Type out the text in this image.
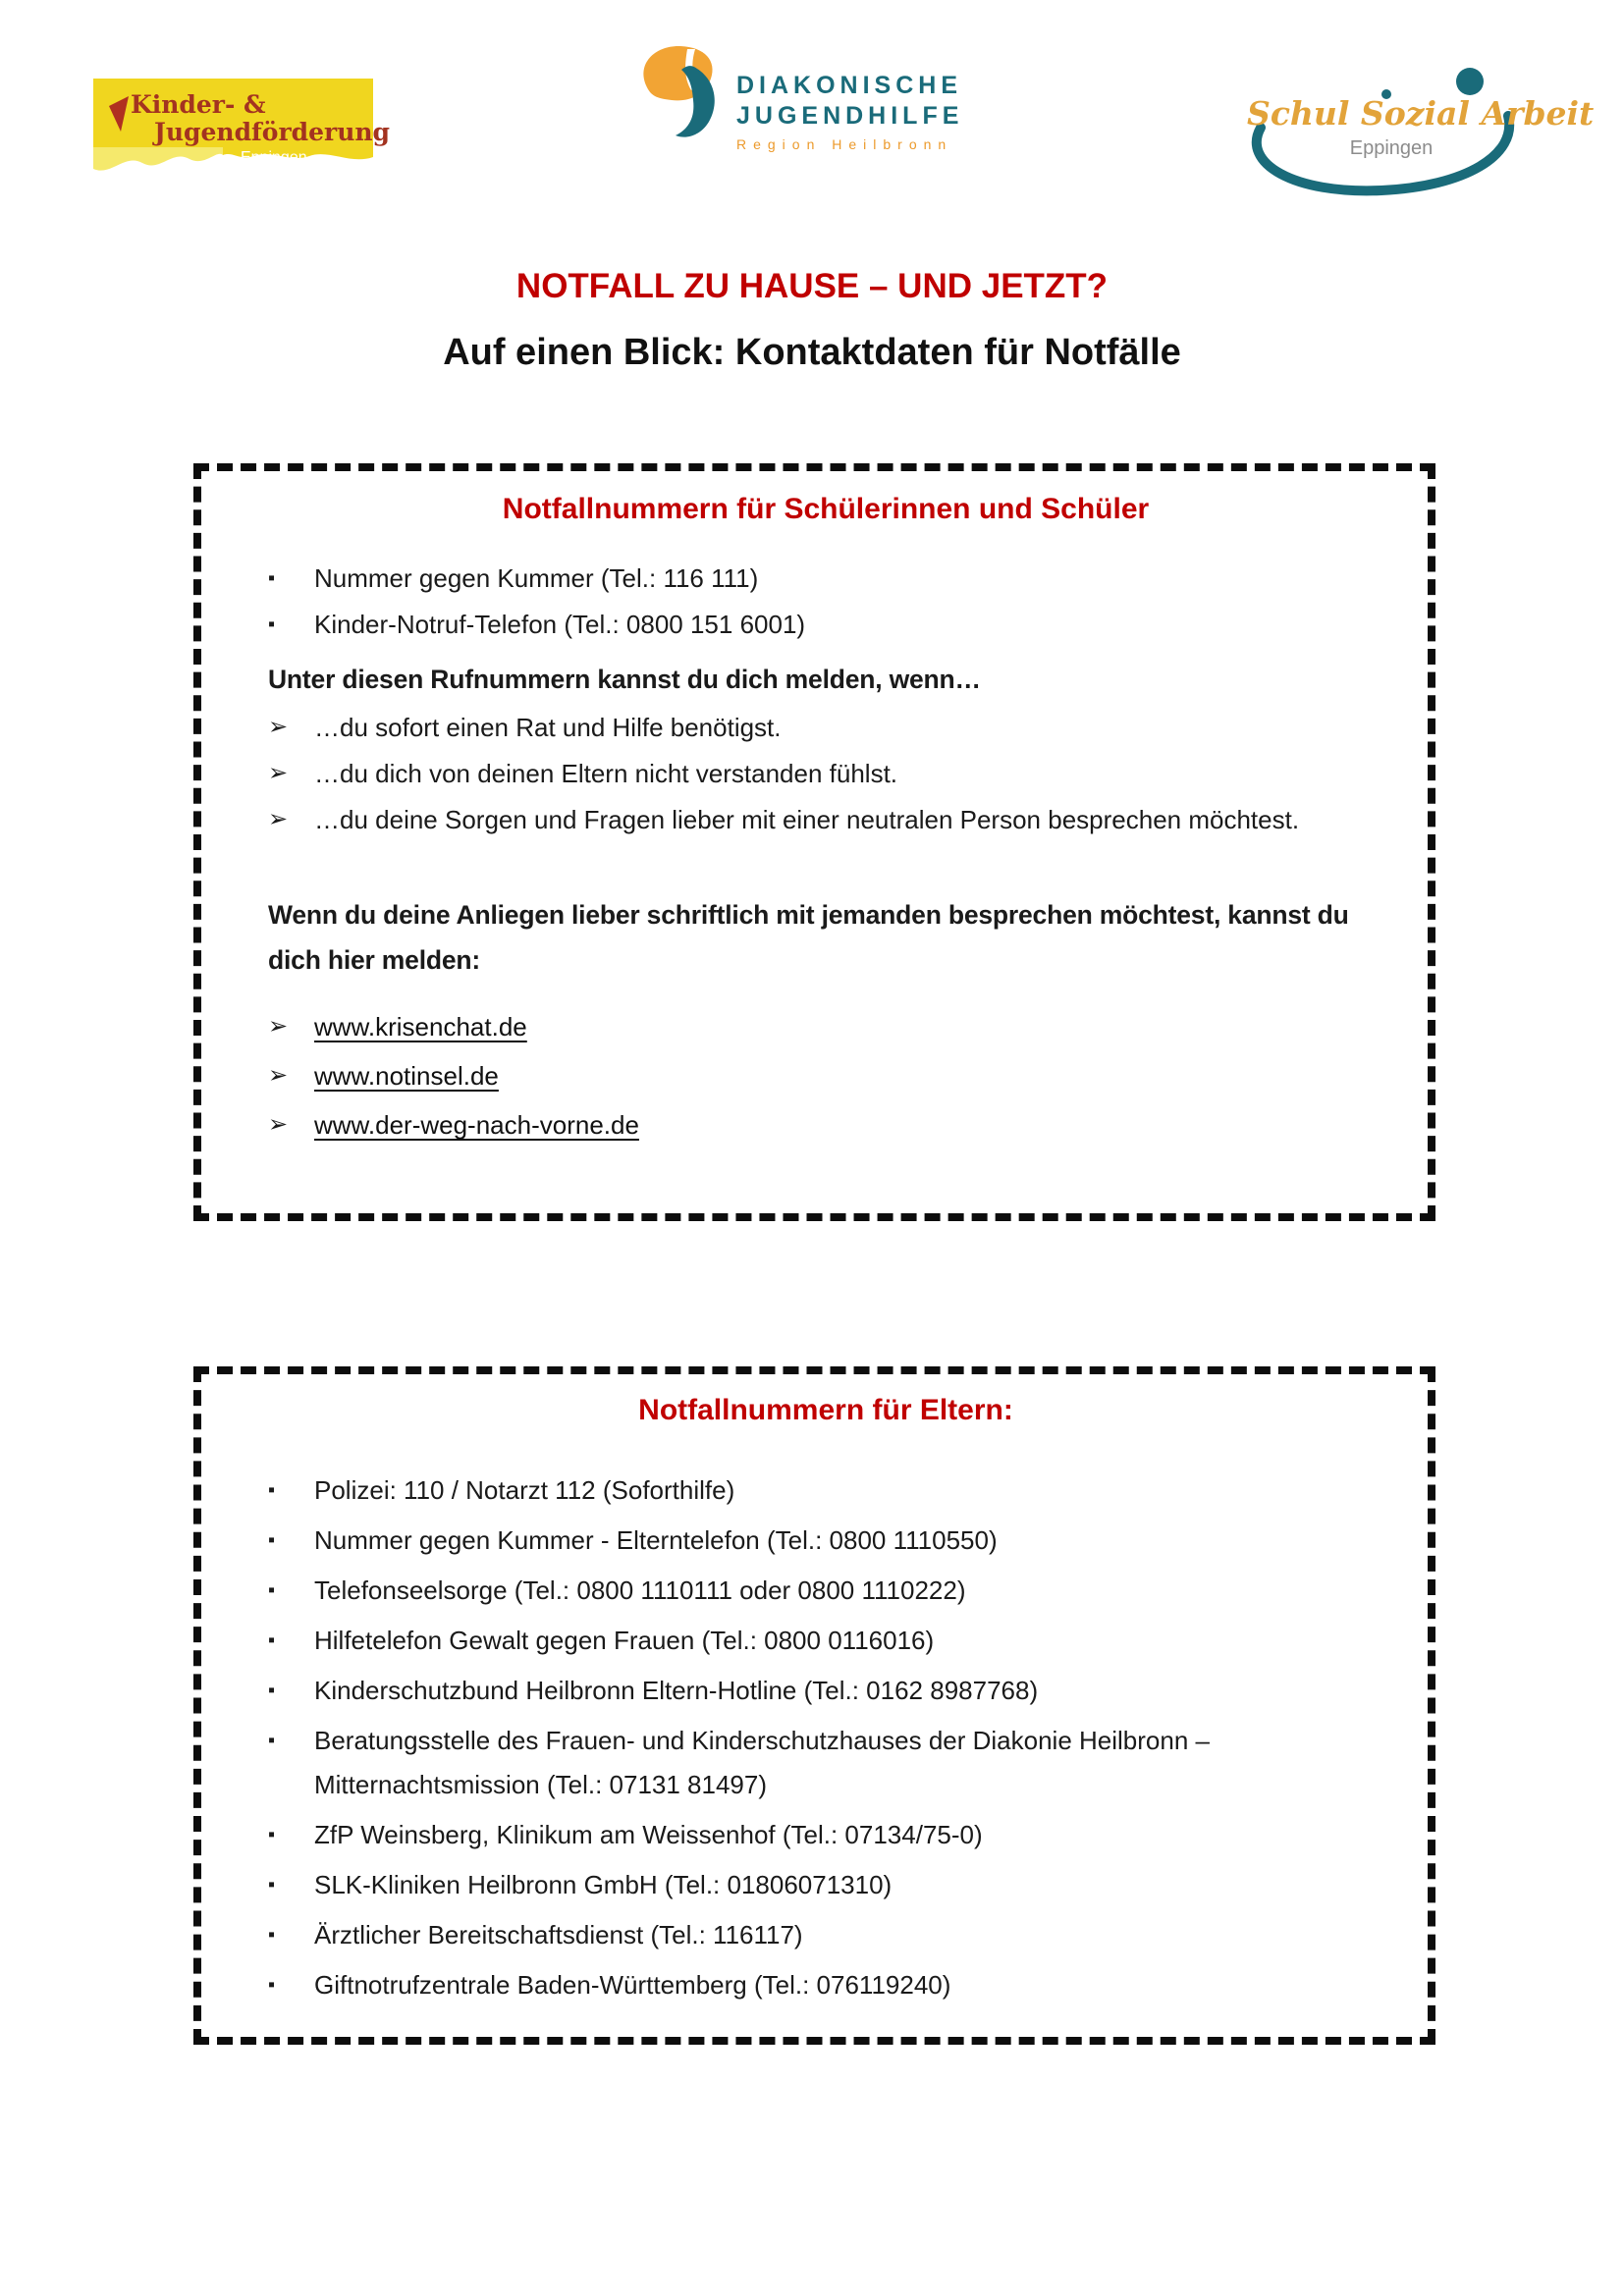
Kinder- &
Jugendförderung
Eppingen
DIAKONISCHE
JUGENDHILFE
Region Heilbronn
Schul Sozial Arbeit
Eppingen
NOTFALL ZU HAUSE – UND JETZT?
Auf einen Blick: Kontaktdaten für Notfälle
Notfallnummern für Schülerinnen und Schüler
▪	Nummer gegen Kummer (Tel.: 116 111)
▪	Kinder-Notruf-Telefon (Tel.: 0800 151 6001)

Unter diesen Rufnummern kannst du dich melden, wenn…

➢	…du sofort einen Rat und Hilfe benötigst.
➢	…du dich von deinen Eltern nicht verstanden fühlst.
➢	…du deine Sorgen und Fragen lieber mit einer neutralen Person besprechen möchtest.

Wenn du deine Anliegen lieber schriftlich mit jemanden besprechen möchtest, kannst du dich hier melden:

➢	www.krisenchat.de
➢	www.notinsel.de
➢	www.der-weg-nach-vorne.de
Notfallnummern für Eltern:
▪	Polizei: 110 / Notarzt 112 (Soforthilfe)
▪	Nummer gegen Kummer - Elterntelefon (Tel.: 0800 1110550)
▪	Telefonseelsorge (Tel.: 0800 1110111 oder 0800 1110222)
▪	Hilfetelefon Gewalt gegen Frauen (Tel.: 0800 0116016)
▪	Kinderschutzbund Heilbronn Eltern-Hotline (Tel.: 0162 8987768)
▪	Beratungsstelle des Frauen- und Kinderschutzhauses der Diakonie Heilbronn – Mitternachtsmission (Tel.: 07131 81497)
▪	ZfP Weinsberg, Klinikum am Weissenhof (Tel.: 07134/75-0)
▪	SLK-Kliniken Heilbronn GmbH (Tel.: 01806071310)
▪	Ärztlicher Bereitschaftsdienst (Tel.: 116117)
▪	Giftnotrufzentrale Baden-Württemberg (Tel.: 076119240)
